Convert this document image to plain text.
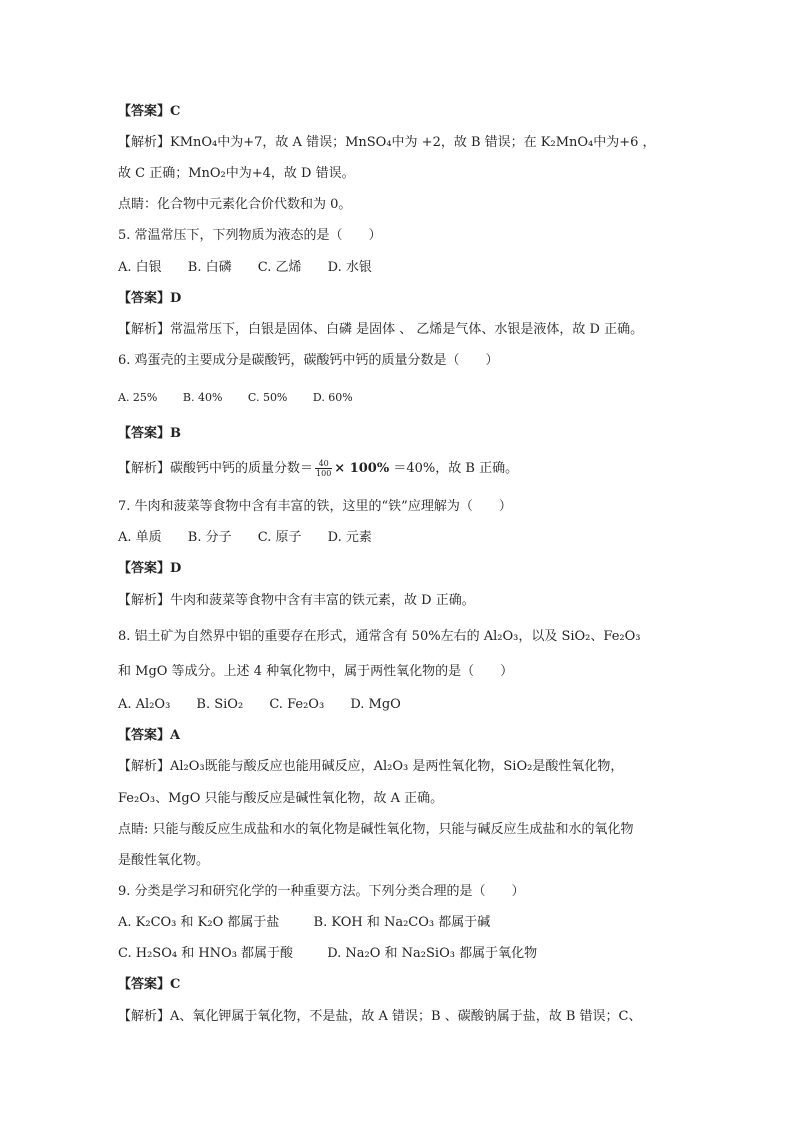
【答案】C
【解析】KMnO₄中为+7，故 A 错误；MnSO₄中为 +2，故 B 错误；在 K₂MnO₄中为+6 ，
故 C 正确；MnO₂中为+4，故 D 错误。
点睛：化合物中元素化合价代数和为 0。
5. 常温常压下，下列物质为液态的是（　　）
A. 白银 B. 白磷 C. 乙烯 D. 水银
【答案】D
【解析】常温常压下，白银是固体、白磷 是固体 、 乙烯是气体、水银是液体，故 D 正确。
6. 鸡蛋壳的主要成分是碳酸钙，碳酸钙中钙的质量分数是（　　）
A. 25% B. 40% C. 50% D. 60%
【答案】B
【解析】碳酸钙中钙的质量分数＝ $\frac{40}{100} \times 100\% =40\%$，故 B 正确。
7. 牛肉和菠菜等食物中含有丰富的铁，这里的“铁”应理解为（　　）
A. 单质 B. 分子 C. 原子 D. 元素
【答案】D
【解析】牛肉和菠菜等食物中含有丰富的铁元素，故 D 正确。
8. 铝土矿为自然界中铝的重要存在形式，通常含有 50%左右的 Al₂O₃，以及 SiO₂、Fe₂O₃
和 MgO 等成分。上述 4 种氧化物中，属于两性氧化物的是（　　）
A. Al₂O₃ B. SiO₂ C. Fe₂O₃ D. MgO
【答案】A
【解析】Al₂O₃既能与酸反应也能用碱反应，Al₂O₃ 是两性氧化物，SiO₂是酸性氧化物，
Fe₂O₃、MgO 只能与酸反应是碱性氧化物，故 A 正确。
点睛: 只能与酸反应生成盐和水的氧化物是碱性氧化物，只能与碱反应生成盐和水的氧化物
是酸性氧化物。
9. 分类是学习和研究化学的一种重要方法。下列分类合理的是（　　）
A. K₂CO₃ 和 K₂O 都属于盐	B. KOH 和 Na₂CO₃ 都属于碱
C. H₂SO₄ 和 HNO₃ 都属于酸	D. Na₂O 和 Na₂SiO₃ 都属于氧化物
【答案】C
【解析】A、氧化钾属于氧化物，不是盐，故 A 错误；B 、碳酸钠属于盐，故 B 错误；C、
